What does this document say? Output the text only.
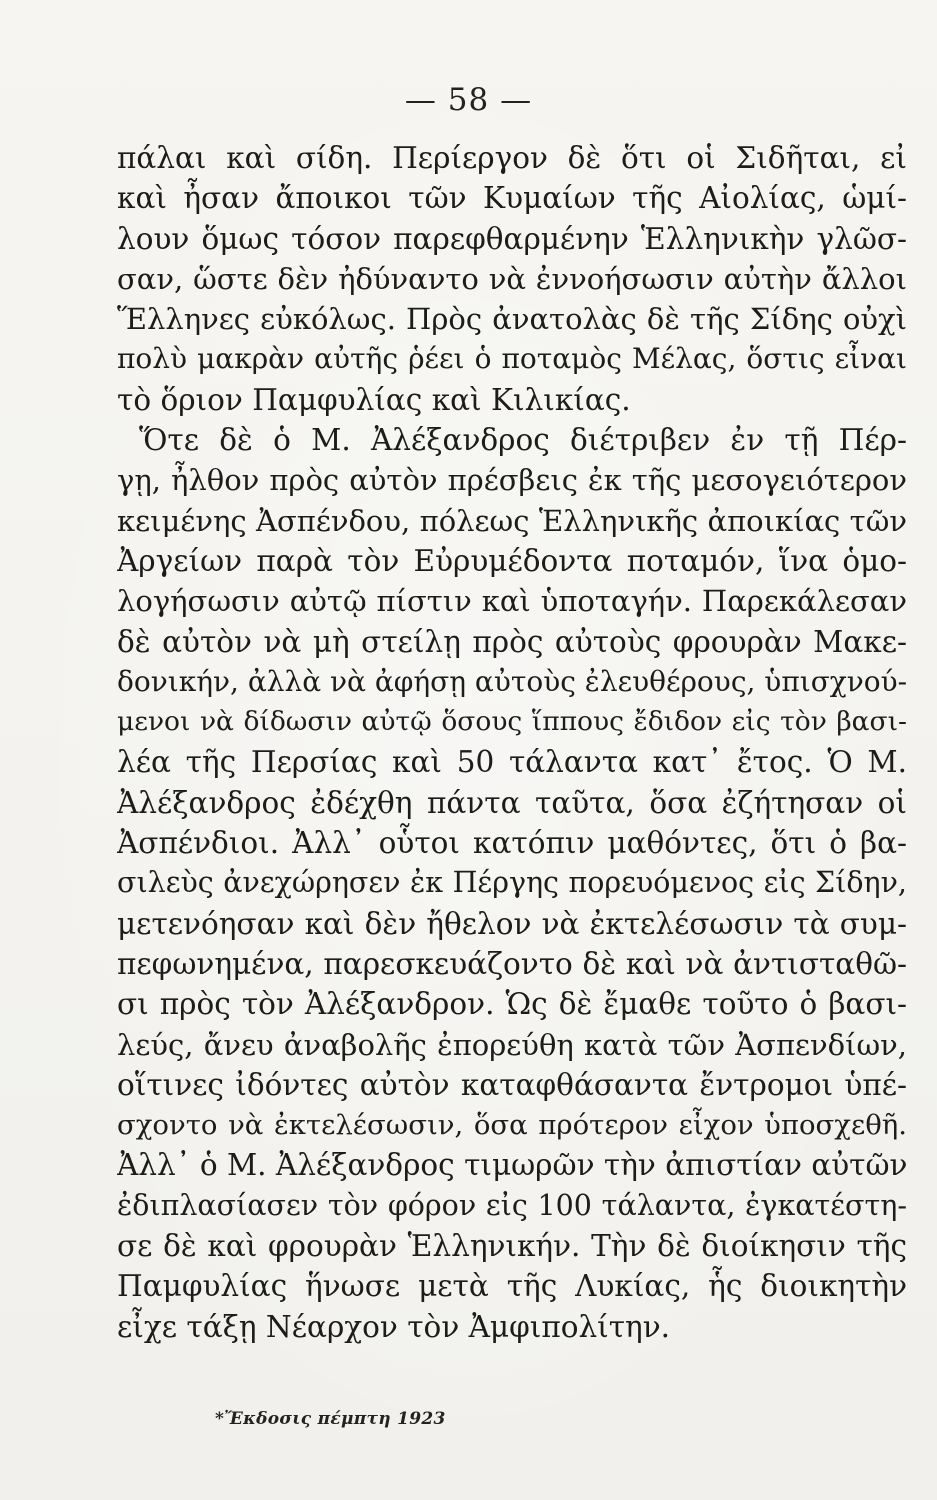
— 58 —
πάλαι καὶ σίδη. Περίεργον δὲ ὅτι οἱ Σιδῆται, εἰ
καὶ ἦσαν ἄποικοι τῶν Κυμαίων τῆς Αἰολίας, ὡμί-
λουν ὅμως τόσον παρεφθαρμένην Ἑλληνικὴν γλῶσ-
σαν, ὥστε δὲν ἠδύναντο νὰ ἐννοήσωσιν αὐτὴν ἄλλοι
Ἕλληνες εὐκόλως. Πρὸς ἀνατολὰς δὲ τῆς Σίδης οὐχὶ
πολὺ μακρὰν αὐτῆς ῥέει ὁ ποταμὸς Μέλας, ὅστις εἶναι
τὸ ὅριον Παμφυλίας καὶ Κιλικίας.
Ὅτε δὲ ὁ Μ. Ἀλέξανδρος διέτριβεν ἐν τῇ Πέρ-
γῃ, ἦλθον πρὸς αὐτὸν πρέσβεις ἐκ τῆς μεσογειότερον
κειμένης Ἀσπένδου, πόλεως Ἑλληνικῆς ἀποικίας τῶν
Ἀργείων παρὰ τὸν Εὐρυμέδοντα ποταμόν, ἵνα ὁμο-
λογήσωσιν αὐτῷ πίστιν καὶ ὑποταγήν. Παρεκάλεσαν
δὲ αὐτὸν νὰ μὴ στείλῃ πρὸς αὐτοὺς φρουρὰν Μακε-
δονικήν, ἀλλὰ νὰ ἀφήσῃ αὐτοὺς ἐλευθέρους, ὑπισχνού-
μενοι νὰ δίδωσιν αὐτῷ ὅσους ἵππους ἔδιδον εἰς τὸν βασι-
λέα τῆς Περσίας καὶ 50 τάλαντα κατ᾽ ἔτος. Ὁ Μ.
Ἀλέξανδρος ἐδέχθη πάντα ταῦτα, ὅσα ἐζήτησαν οἱ
Ἀσπένδιοι. Ἀλλ᾽ οὗτοι κατόπιν μαθόντες, ὅτι ὁ βα-
σιλεὺς ἀνεχώρησεν ἐκ Πέργης πορευόμενος εἰς Σίδην,
μετενόησαν καὶ δὲν ἤθελον νὰ ἐκτελέσωσιν τὰ συμ-
πεφωνημένα, παρεσκευάζοντο δὲ καὶ νὰ ἀντισταθῶ-
σι πρὸς τὸν Ἀλέξανδρον. Ὡς δὲ ἔμαθε τοῦτο ὁ βασι-
λεύς, ἄνευ ἀναβολῆς ἐπορεύθη κατὰ τῶν Ἀσπενδίων,
οἵτινες ἰδόντες αὐτὸν καταφθάσαντα ἔντρομοι ὑπέ-
σχοντο νὰ ἐκτελέσωσιν, ὅσα πρότερον εἶχον ὑποσχεθῆ.
Ἀλλ᾽ ὁ Μ. Ἀλέξανδρος τιμωρῶν τὴν ἀπιστίαν αὐτῶν
ἐδιπλασίασεν τὸν φόρον εἰς 100 τάλαντα, ἐγκατέστη-
σε δὲ καὶ φρουρὰν Ἑλληνικήν. Τὴν δὲ διοίκησιν τῆς
Παμφυλίας ἥνωσε μετὰ τῆς Λυκίας, ἧς διοικητὴν
εἶχε τάξῃ Νέαρχον τὸν Ἀμφιπολίτην.
*Ἔκδοσις πέμπτη 1923
